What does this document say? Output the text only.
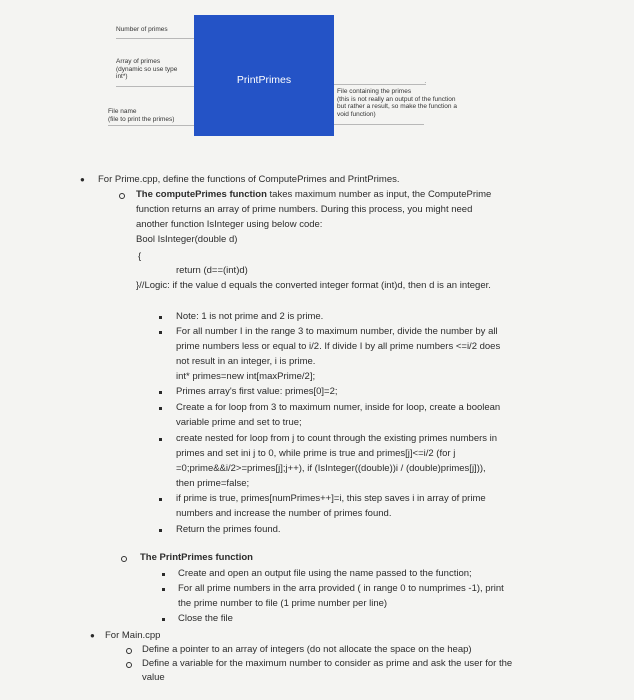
Number of primes
Array of primes
(dynamic so use type
int*)
File name
(file to print the primes)
PrintPrimes	·
File containing the primes
(this is not really an output of the function
but rather a result, so make the function a
void function)
● For Prime.cpp, define the functions of ComputePrimes and PrintPrimes.
The computePrimes function takes maximum number as input, the ComputePrime
function returns an array of prime numbers. During this process, you might need
another function IsInteger using below code:
Bool IsInteger(double d)
{
return (d==(int)d)
}//Logic: if the value d equals the converted integer format (int)d, then d is an integer.
Note: 1 is not prime and 2 is prime.
For all number I in the range 3 to maximum number, divide the number by all
prime numbers less or equal to i/2. If divide I by all prime numbers <=i/2 does
not result in an integer, i is prime.
int* primes=new int[maxPrime/2];
Primes array's first value: primes[0]=2;
Create a for loop from 3 to maximum numer, inside for loop, create a boolean
variable prime and set to true;
create nested for loop from j to count through the existing primes numbers in
primes and set ini j to 0, while prime is true and primes[j]<=i/2 (for j
=0;prime&&i/2>=primes[j];j++), if (IsInteger((double))i / (double)primes[j])),
then prime=false;
if prime is true, primes[numPrimes++]=i, this step saves i in array of prime
numbers and increase the number of primes found.
Return the primes found.
The PrintPrimes function
Create and open an output file using the name passed to the function;
For all prime numbers in the arra provided ( in range 0 to numprimes -1), print
the prime number to file (1 prime number per line)
Close the file
● For Main.cpp
Define a pointer to an array of integers (do not allocate the space on the heap)
Define a variable for the maximum number to consider as prime and ask the user for the
value
